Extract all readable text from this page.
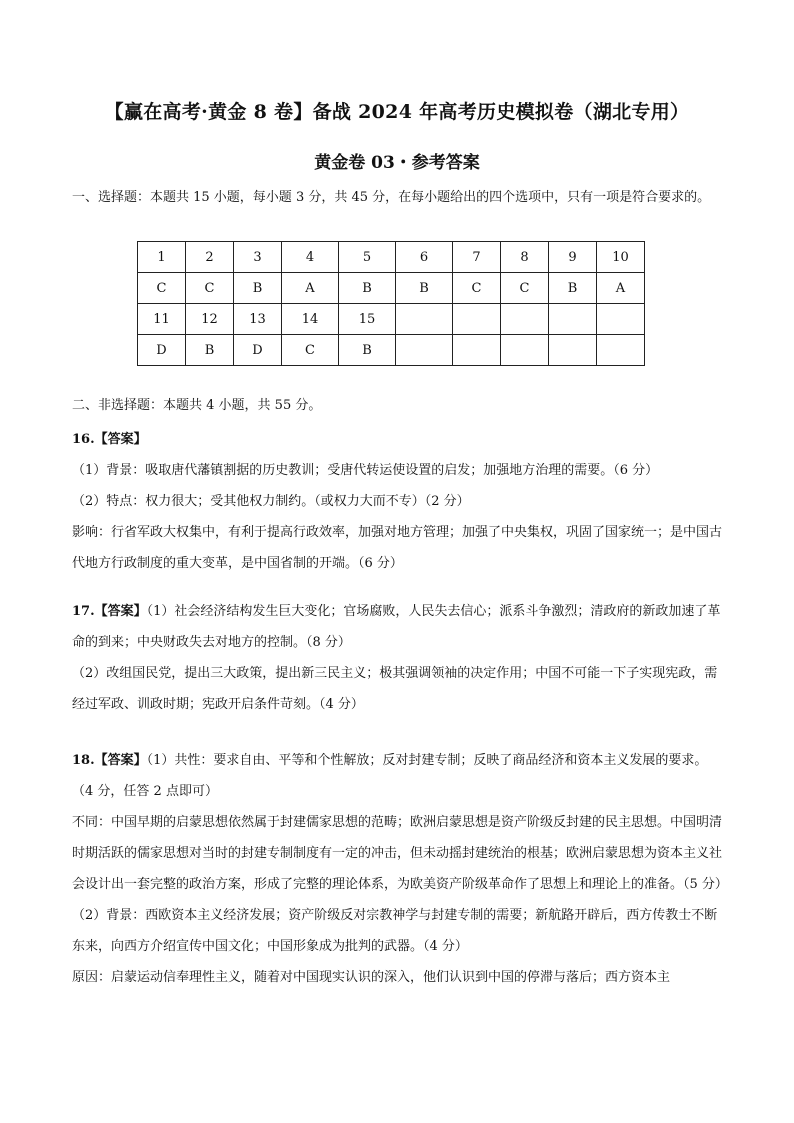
【赢在高考·黄金 8 卷】备战 2024 年高考历史模拟卷（湖北专用）
黄金卷 03・参考答案
一、选择题：本题共 15 小题，每小题 3 分，共 45 分，在每小题给出的四个选项中，只有一项是符合要求的。
1	2	3	4	5	6	7	8	9	10
C	C	B	A	B	B	C	C	B	A
11	12	13	14	15					
D	B	D	C	B					
二、非选择题：本题共 4 小题，共 55 分。

16.【答案】（1）背景：吸取唐代藩镇割据的历史教训；受唐代转运使设置的启发；加强地方治理的需要。（6 分）

（2）特点：权力很大；受其他权力制约。（或权力大而不专）（2 分）

影响：行省军政大权集中，有利于提高行政效率，加强对地方管理；加强了中央集权，巩固了国家统一；是中国古代地方行政制度的重大变革，是中国省制的开端。（6 分）

17.【答案】（1）社会经济结构发生巨大变化；官场腐败，人民失去信心；派系斗争激烈；清政府的新政加速了革命的到来；中央财政失去对地方的控制。（8 分）

（2）改组国民党，提出三大政策，提出新三民主义；极其强调领袖的决定作用；中国不可能一下子实现宪政，需经过军政、训政时期；宪政开启条件苛刻。（4 分）

18.【答案】（1）共性：要求自由、平等和个性解放；反对封建专制；反映了商品经济和资本主义发展的要求。（4 分，任答 2 点即可）

不同：中国早期的启蒙思想依然属于封建儒家思想的范畴；欧洲启蒙思想是资产阶级反封建的民主思想。中国明清时期活跃的儒家思想对当时的封建专制制度有一定的冲击，但未动摇封建统治的根基；欧洲启蒙思想为资本主义社会设计出一套完整的政治方案，形成了完整的理论体系，为欧美资产阶级革命作了思想上和理论上的准备。（5 分）

（2）背景：西欧资本主义经济发展；资产阶级反对宗教神学与封建专制的需要；新航路开辟后，西方传教士不断东来，向西方介绍宣传中国文化；中国形象成为批判的武器。（4 分）

原因：启蒙运动信奉理性主义，随着对中国现实认识的深入，他们认识到中国的停滞与落后；西方资本主
